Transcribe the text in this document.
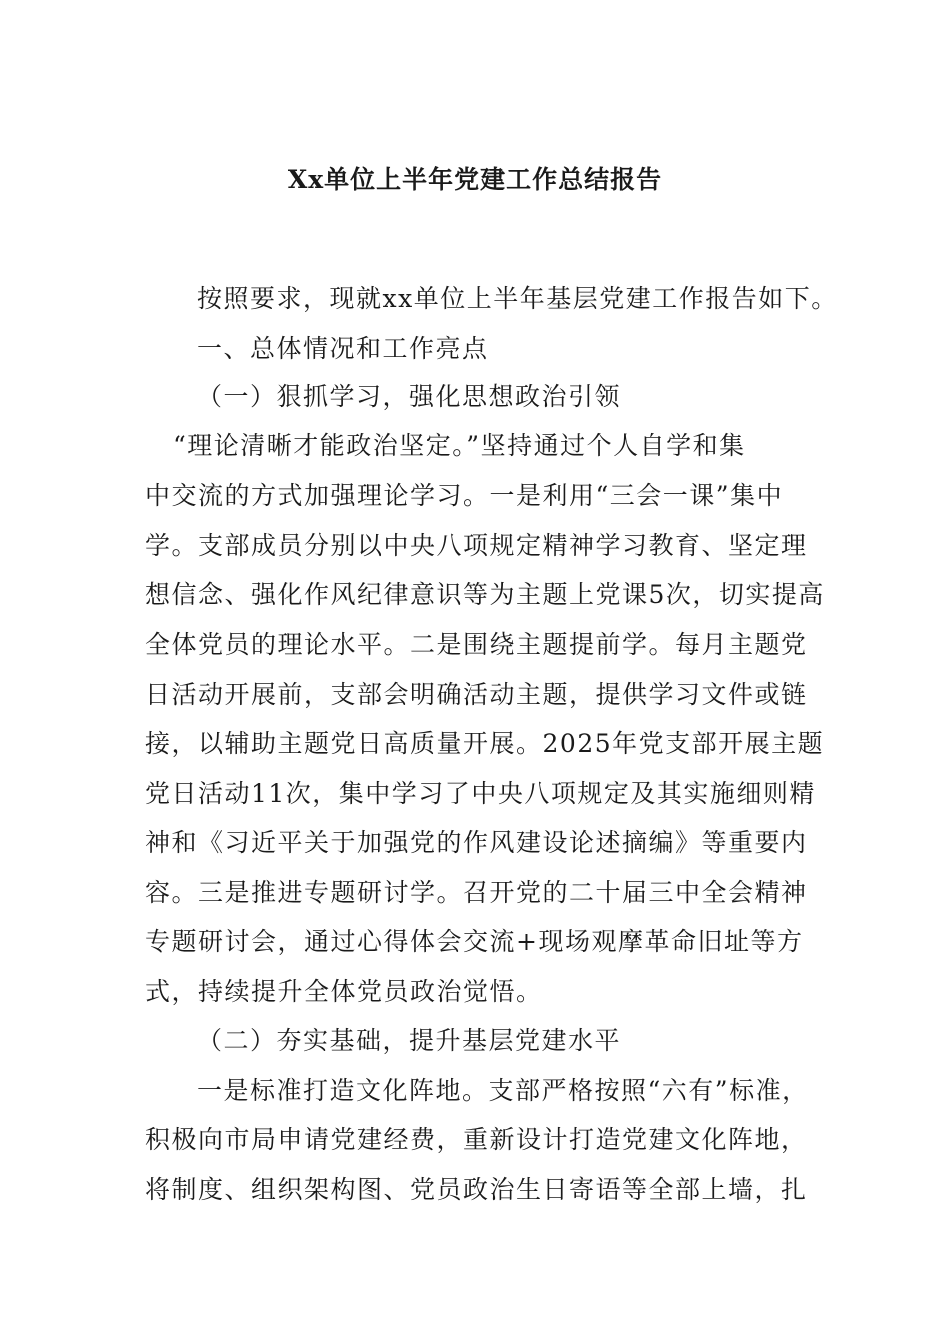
Xx单位上半年党建工作总结报告
按照要求，现就xx单位上半年基层党建工作报告如下。
一、总体情况和工作亮点
（一）狠抓学习，强化思想政治引领
“理论清晰才能政治坚定。”坚持通过个人自学和集
中交流的方式加强理论学习。一是利用“三会一课”集中
学。支部成员分别以中央八项规定精神学习教育、坚定理
想信念、强化作风纪律意识等为主题上党课5次，切实提高
全体党员的理论水平。二是围绕主题提前学。每月主题党
日活动开展前，支部会明确活动主题，提供学习文件或链
接，以辅助主题党日高质量开展。2025年党支部开展主题
党日活动11次，集中学习了中央八项规定及其实施细则精
神和《习近平关于加强党的作风建设论述摘编》等重要内
容。三是推进专题研讨学。召开党的二十届三中全会精神
专题研讨会，通过心得体会交流+现场观摩革命旧址等方
式，持续提升全体党员政治觉悟。
（二）夯实基础，提升基层党建水平
一是标准打造文化阵地。支部严格按照“六有”标准，
积极向市局申请党建经费，重新设计打造党建文化阵地，
将制度、组织架构图、党员政治生日寄语等全部上墙，扎
